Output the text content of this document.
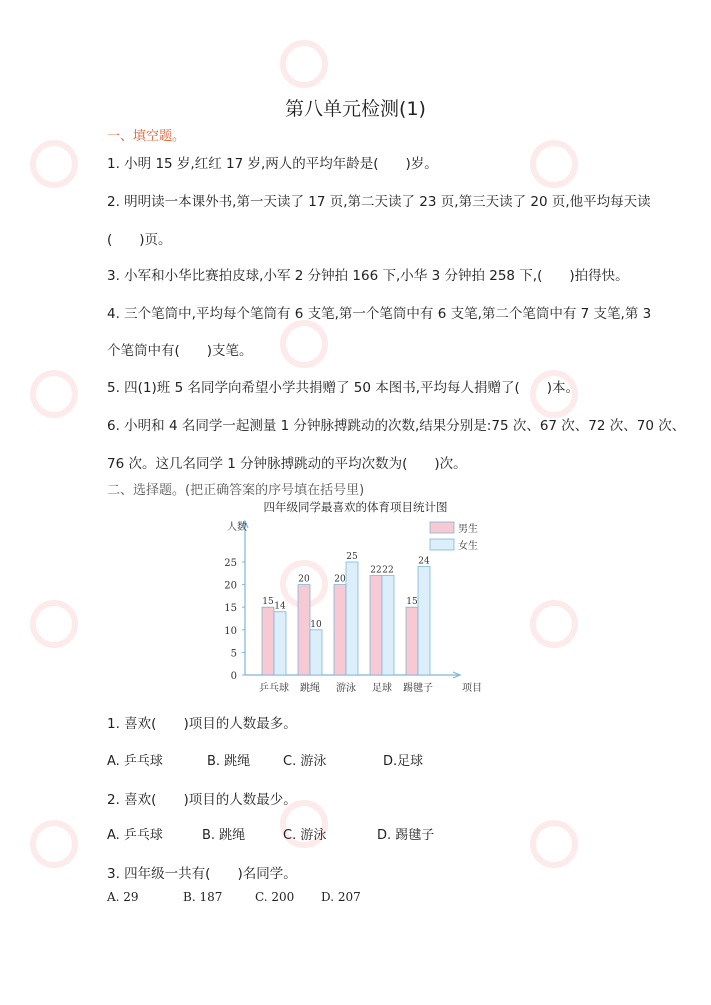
第八单元检测(1)
一、填空题。
1. 小明 15 岁,红红 17 岁,两人的平均年龄是(　　)岁。
2. 明明读一本课外书,第一天读了 17 页,第二天读了 23 页,第三天读了 20 页,他平均每天读
(　　)页。
3. 小军和小华比赛拍皮球,小军 2 分钟拍 166 下,小华 3 分钟拍 258 下,(　　)拍得快。
4. 三个笔筒中,平均每个笔筒有 6 支笔,第一个笔筒中有 6 支笔,第二个笔筒中有 7 支笔,第 3
个笔筒中有(　　)支笔。
5. 四(1)班 5 名同学向希望小学共捐赠了 50 本图书,平均每人捐赠了(　　)本。
6. 小明和 4 名同学一起测量 1 分钟脉搏跳动的次数,结果分别是:75 次、67 次、72 次、70 次、
76 次。这几名同学 1 分钟脉搏跳动的平均次数为(　　)次。
二、选择题。(把正确答案的序号填在括号里)
四年级同学最喜欢的体育项目统计图
0
5
10
15
20
25
人数
项目
15 14
乒乓球
20
10
跳绳
20
25
游泳
22 22
足球
15
24
踢毽子
男生
女生
1. 喜欢(　　)项目的人数最多。
A. 乒乓球	B. 跳绳	C. 游泳	D.足球
2. 喜欢(　　)项目的人数最少。
A. 乒乓球	B. 跳绳	C. 游泳	D. 踢毽子
3. 四年级一共有(　　)名同学。
A. 29	B. 187	C. 200 D. 207
